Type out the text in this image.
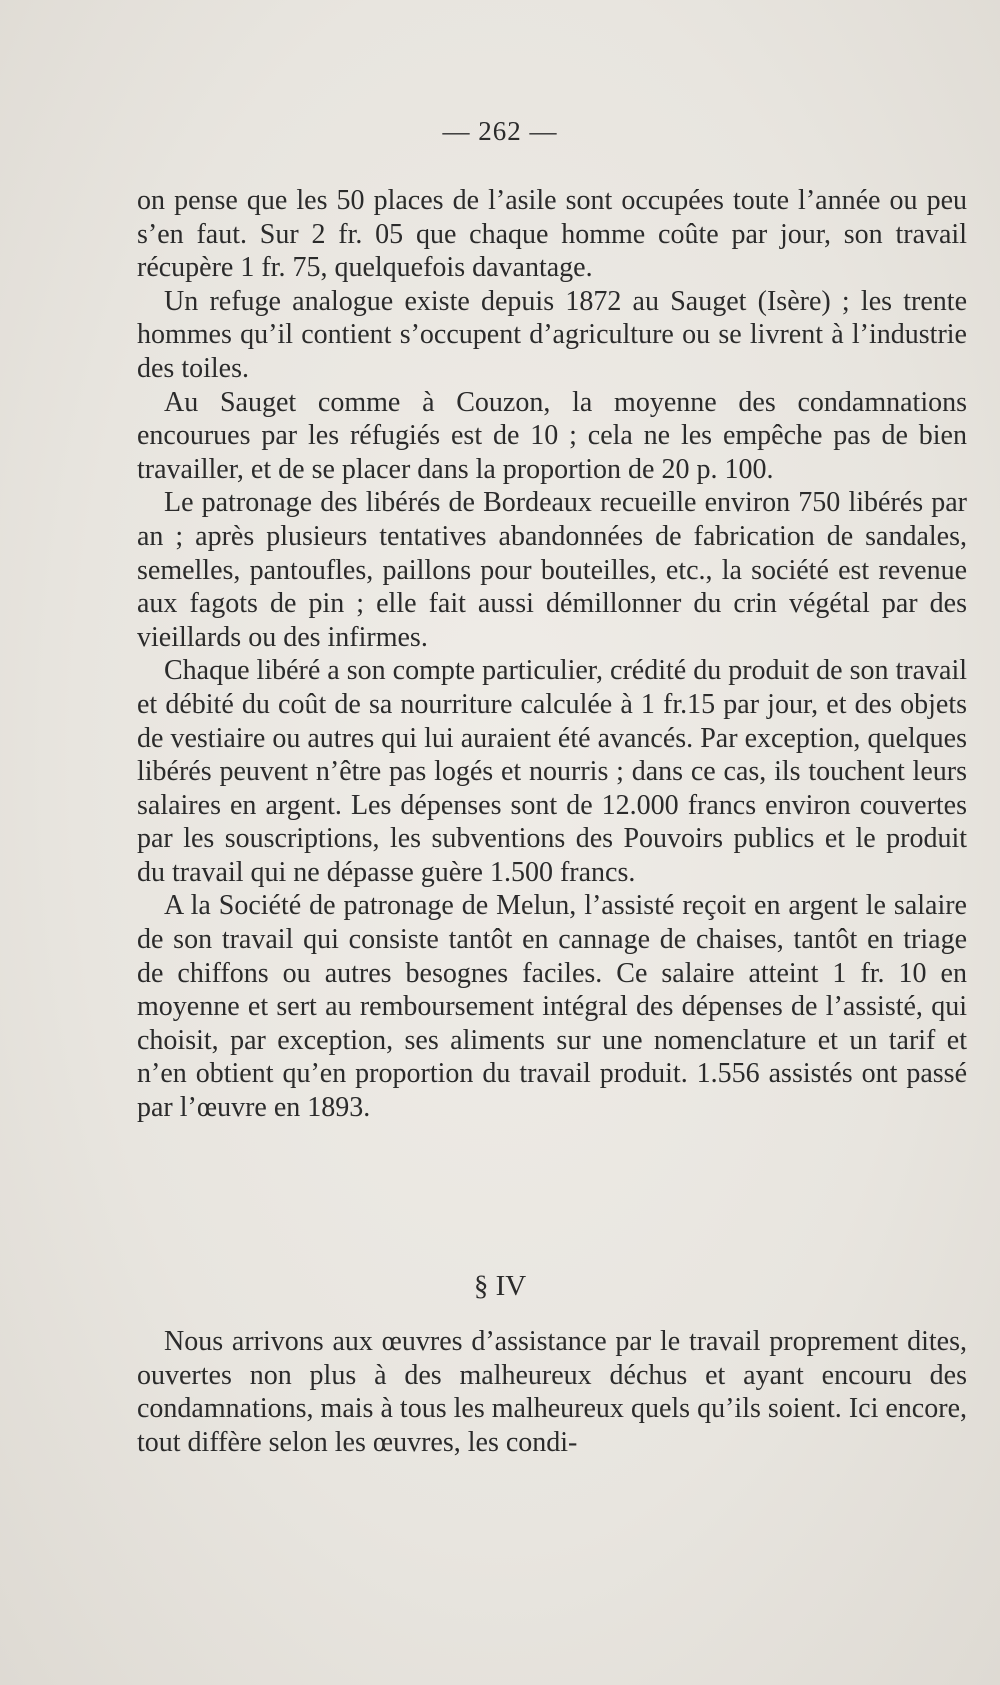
— 262 —

on pense que les 50 places de l’asile sont occupées toute l’année ou peu s’en faut. Sur 2 fr. 05 que chaque homme coûte par jour, son travail récupère 1 fr. 75, quelquefois davantage.

Un refuge analogue existe depuis 1872 au Sauget (Isère) ; les trente hommes qu’il contient s’occupent d’agriculture ou se livrent à l’industrie des toiles.

Au Sauget comme à Couzon, la moyenne des condamnations encourues par les réfugiés est de 10 ; cela ne les empêche pas de bien travailler, et de se placer dans la proportion de 20 p. 100.

Le patronage des libérés de Bordeaux recueille environ 750 libérés par an ; après plusieurs tentatives abandonnées de fabrication de sandales, semelles, pantoufles, paillons pour bouteilles, etc., la société est revenue aux fagots de pin ; elle fait aussi démillonner du crin végétal par des vieillards ou des infirmes.

Chaque libéré a son compte particulier, crédité du produit de son travail et débité du coût de sa nourriture calculée à 1 fr.15 par jour, et des objets de vestiaire ou autres qui lui auraient été avancés. Par exception, quelques libérés peuvent n’être pas logés et nourris ; dans ce cas, ils touchent leurs salaires en argent. Les dépenses sont de 12.000 francs environ couvertes par les souscriptions, les subventions des Pouvoirs publics et le produit du travail qui ne dépasse guère 1.500 francs.

A la Société de patronage de Melun, l’assisté reçoit en argent le salaire de son travail qui consiste tantôt en cannage de chaises, tantôt en triage de chiffons ou autres besognes faciles. Ce salaire atteint 1 fr. 10 en moyenne et sert au remboursement intégral des dépenses de l’assisté, qui choisit, par exception, ses aliments sur une nomenclature et un tarif et n’en obtient qu’en proportion du travail produit. 1.556 assistés ont passé par l’œuvre en 1893.

§ IV

Nous arrivons aux œuvres d’assistance par le travail proprement dites, ouvertes non plus à des malheureux déchus et ayant encouru des condamnations, mais à tous les malheureux quels qu’ils soient. Ici encore, tout diffère selon les œuvres, les condi-
